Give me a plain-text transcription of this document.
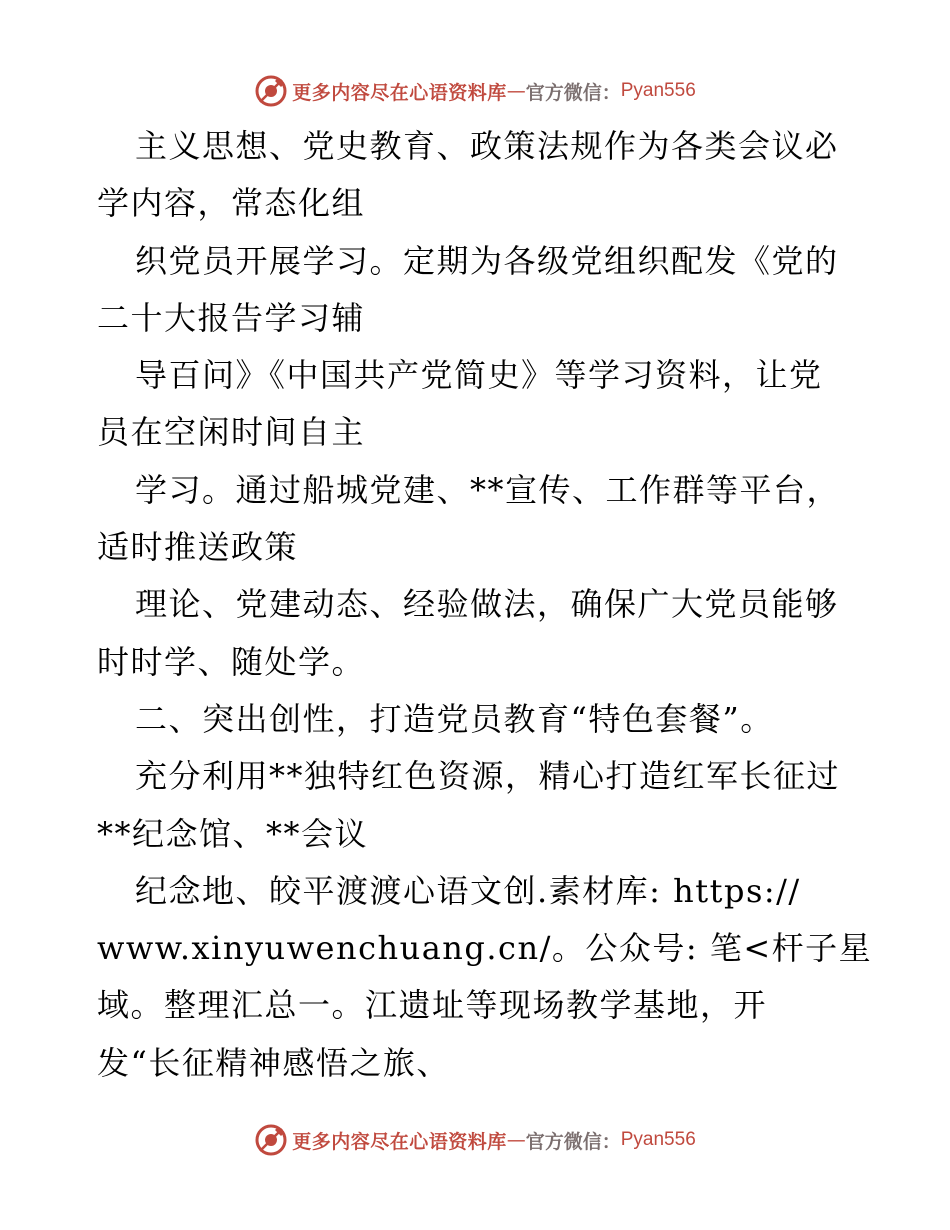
更多内容尽在心语资料库 — 官方微信： Pyan556
主义思想、党史教育、政策法规作为各类会议必
学内容，常态化组
织党员开展学习。定期为各级党组织配发《党的
二十大报告学习辅
导百问》《中国共产党简史》等学习资料，让党
员在空闲时间自主
学习。通过船城党建、**宣传、工作群等平台，
适时推送政策
理论、党建动态、经验做法，确保广大党员能够
时时学、随处学。
二、突出创性，打造党员教育“特色套餐”。
充分利用**独特红色资源，精心打造红军长征过
**纪念馆、**会议
纪念地、皎平渡渡心语文创.素材库: https://
www.xinyuwenchuang.cn/。公众号: 笔<杆子星
域。整理汇总一。江遗址等现场教学基地，开
发“长征精神感悟之旅、
更多内容尽在心语资料库 — 官方微信： Pyan556
